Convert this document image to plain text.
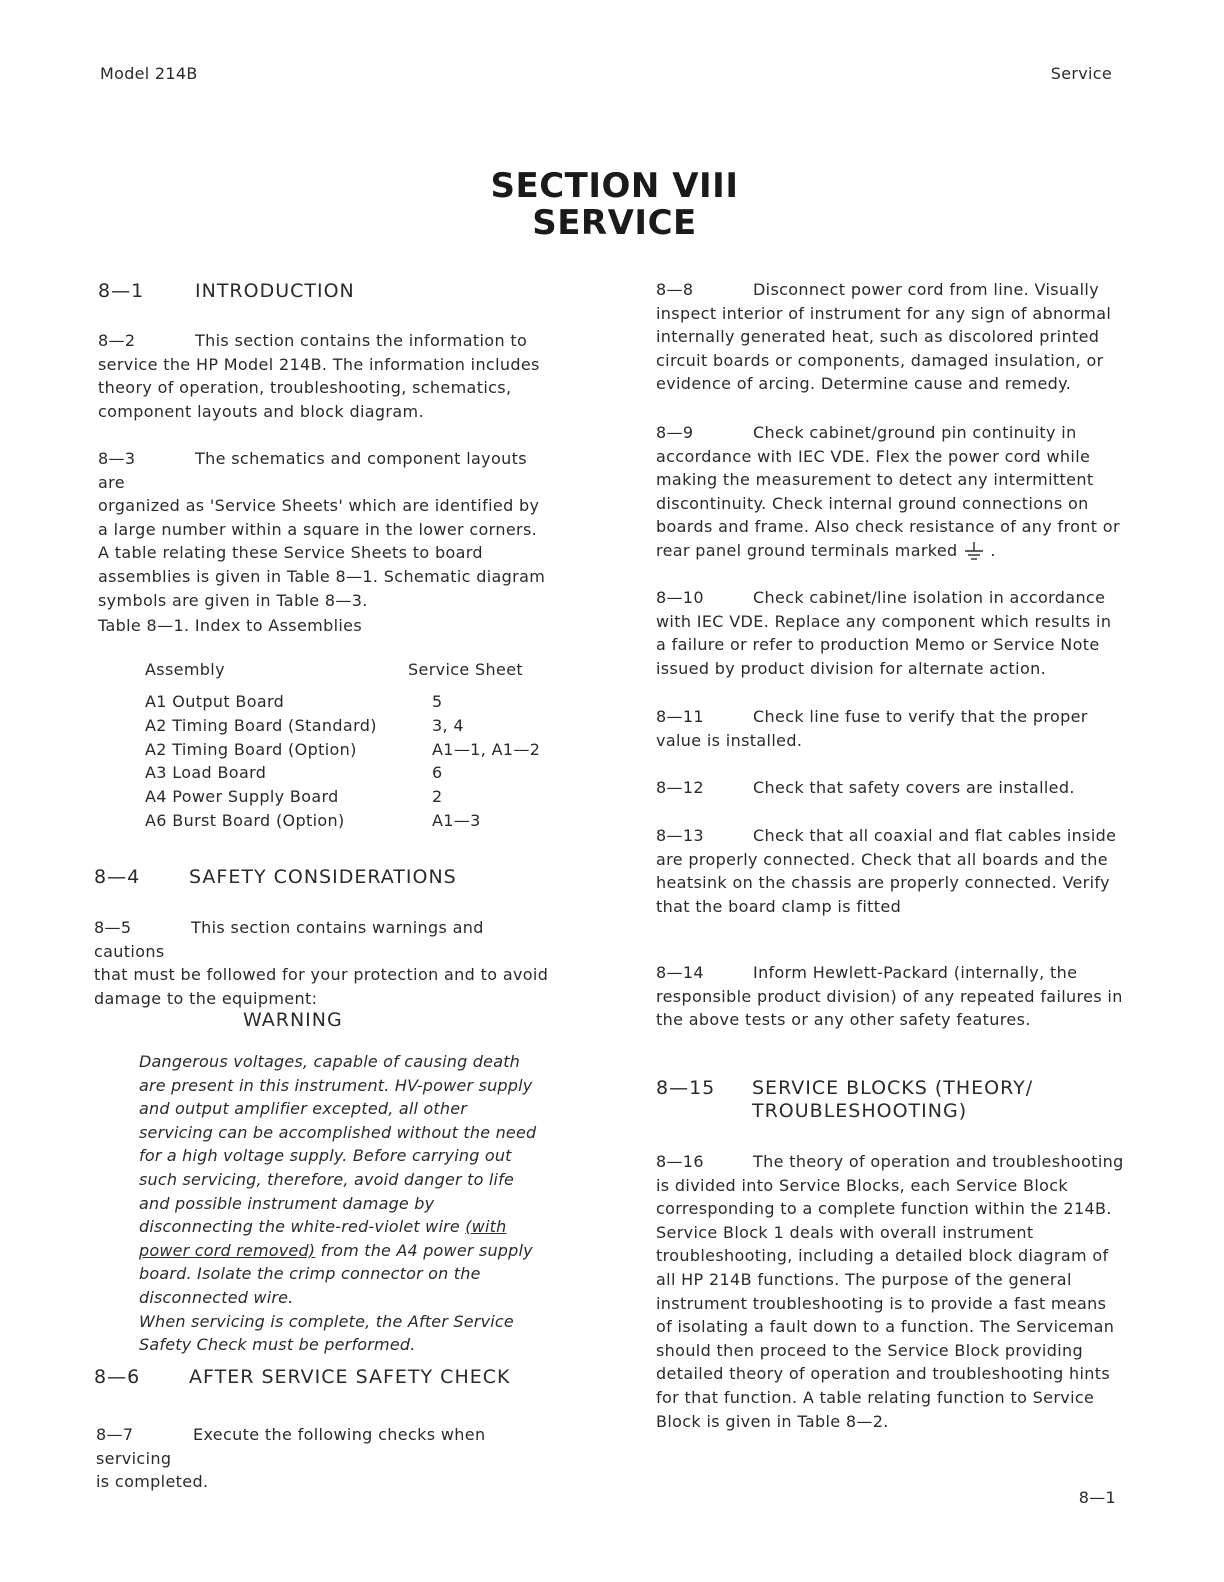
Model 214B	Service
SECTION VIII
SERVICE
8—1	INTRODUCTION

8—2	This section contains the information to

service the HP Model 214B. The information includes theory of operation, troubleshooting, schematics, component layouts and block diagram.

8—3	The schematics and component layouts are

organized as 'Service Sheets' which are identified by a large number within a square in the lower corners. A table relating these Service Sheets to board assemblies is given in Table 8—1. Schematic diagram symbols are given in Table 8—3.

Table 8—1. Index to Assemblies
Assembly	Service Sheet
A1 Output Board	5
A2 Timing Board (Standard)	3, 4
A2 Timing Board (Option)	A1—1, A1—2
A3 Load Board	6
A4 Power Supply Board	2
A6 Burst Board (Option)	A1—3
8—4	SAFETY CONSIDERATIONS

8—5	This section contains warnings and cautions

that must be followed for your protection and to avoid damage to the equipment:

WARNING
Dangerous voltages, capable of causing death are present in this instrument. HV-power supply and output amplifier excepted, all other servicing can be accomplished without the need for a high voltage supply. Before carrying out such servicing, therefore, avoid danger to life and possible instrument damage by disconnecting the white-red-violet wire (with power cord removed) from the A4 power supply board. Isolate the crimp connector on the disconnected wire.
When servicing is complete, the After Service Safety Check must be performed.
8—6	AFTER SERVICE SAFETY CHECK

8—7	Execute the following checks when servicing

is completed.

8—8	Disconnect power cord from line. Visually

inspect interior of instrument for any sign of abnormal internally generated heat, such as discolored printed circuit boards or components, damaged insulation, or evidence of arcing. Determine cause and remedy.

8—9	Check cabinet/ground pin continuity in

accordance with IEC VDE. Flex the power cord while making the measurement to detect any intermittent discontinuity. Check internal ground connections on boards and frame. Also check resistance of any front or rear panel ground terminals marked .

8—10	Check cabinet/line isolation in accordance

with IEC VDE. Replace any component which results in a failure or refer to production Memo or Service Note issued by product division for alternate action.

8—11	Check line fuse to verify that the proper

value is installed.

8—12	Check that safety covers are installed.

8—13	Check that all coaxial and flat cables inside

are properly connected. Check that all boards and the heatsink on the chassis are properly connected. Verify that the board clamp is fitted

8—14	Inform Hewlett-Packard (internally, the

responsible product division) of any repeated failures in the above tests or any other safety features.

8—15 SERVICE BLOCKS (THEORY/
TROUBLESHOOTING)

8—16	The theory of operation and troubleshooting

is divided into Service Blocks, each Service Block corresponding to a complete function within the 214B. Service Block 1 deals with overall instrument troubleshooting, including a detailed block diagram of all HP 214B functions. The purpose of the general instrument troubleshooting is to provide a fast means of isolating a fault down to a function. The Serviceman should then proceed to the Service Block providing detailed theory of operation and troubleshooting hints for that function. A table relating function to Service Block is given in Table 8—2.

8—1
